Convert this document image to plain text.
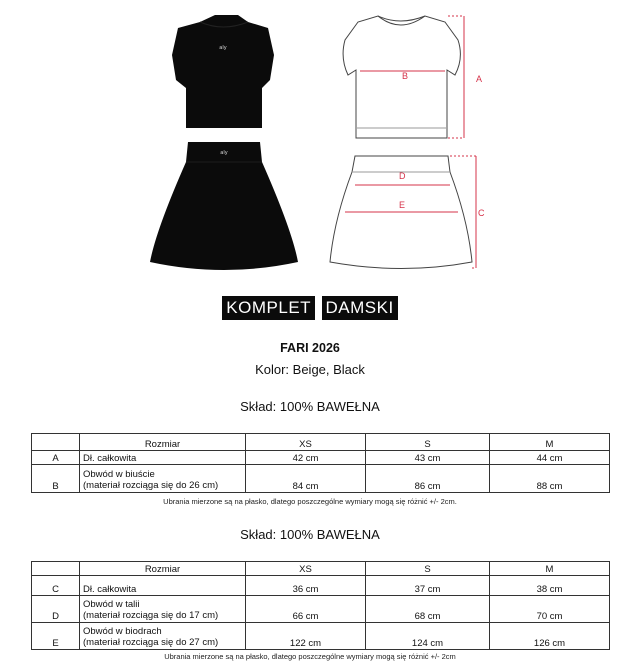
aly
aly
B	A
C
D
E
KOMPLET DAMSKI
FARI 2026
Kolor: Beige, Black
Skład: 100% BAWEŁNA
	Rozmiar	XS	S	M
A	Dł. całkowita	42 cm	43 cm	44 cm
B	Obwód w biuście
(materiał rozciąga się do 26 cm)	84 cm	86 cm	88 cm
Ubrania mierzone są na płasko, dlatego poszczególne wymiary mogą się różnić +/- 2cm.
Skład: 100% BAWEŁNA
	Rozmiar	XS	S	M
C	Dł. całkowita	36 cm	37 cm	38 cm
D	Obwód w talii
(materiał rozciąga się do 17 cm)	66 cm	68 cm	70 cm
E	Obwód w biodrach
(materiał rozciąga się do 27 cm)	122 cm	124 cm	126 cm
Ubrania mierzone są na płasko, dlatego poszczególne wymiary mogą się różnić +/- 2cm
